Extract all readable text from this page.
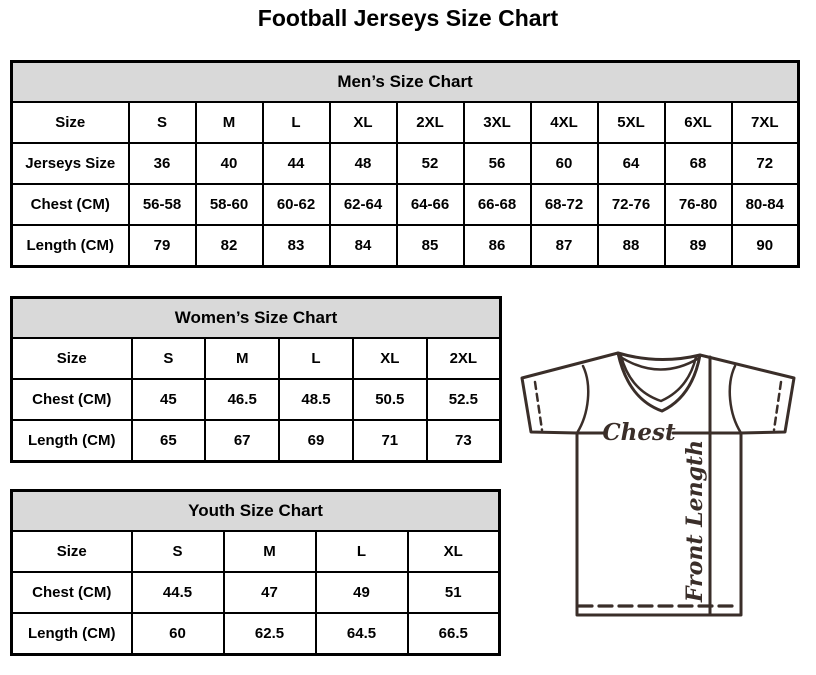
Football Jerseys Size Chart
Men’s Size Chart										
Size	S	M	L	XL	2XL	3XL	4XL	5XL	6XL	7XL
Jerseys Size	36	40	44	48	52	56	60	64	68	72
Chest (CM)	56-58	58-60	60-62	62-64	64-66	66-68	68-72	72-76	76-80	80-84
Length (CM)	79	82	83	84	85	86	87	88	89	90
Women’s Size Chart					
Size	S	M	L	XL	2XL
Chest (CM)	45	46.5	48.5	50.5	52.5
Length (CM)	65	67	69	71	73
Youth Size Chart				
Size	S	M	L	XL
Chest (CM)	44.5	47	49	51
Length (CM)	60	62.5	64.5	66.5
Chest
Front Length
